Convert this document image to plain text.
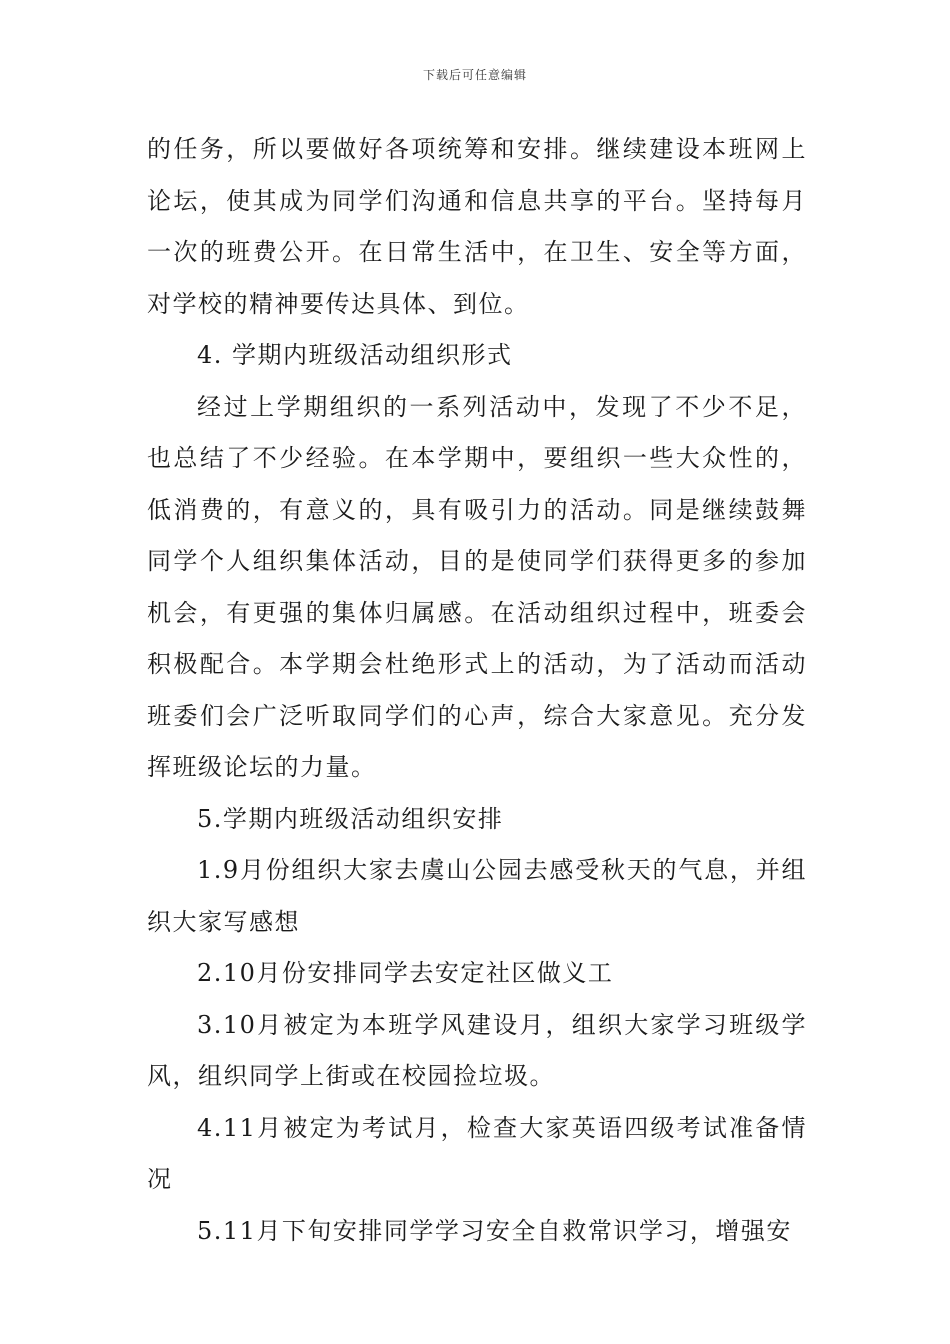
下载后可任意编辑

的任务，所以要做好各项统筹和安排。继续建设本班网上论坛，使其成为同学们沟通和信息共享的平台。坚持每月一次的班费公开。在日常生活中，在卫生、安全等方面，对学校的精神要传达具体、到位。

4. 学期内班级活动组织形式

经过上学期组织的一系列活动中，发现了不少不足，也总结了不少经验。在本学期中，要组织一些大众性的，低消费的，有意义的，具有吸引力的活动。同是继续鼓舞同学个人组织集体活动，目的是使同学们获得更多的参加机会，有更强的集体归属感。在活动组织过程中，班委会积极配合。本学期会杜绝形式上的活动，为了活动而活动班委们会广泛听取同学们的心声，综合大家意见。充分发挥班级论坛的力量。

5.学期内班级活动组织安排

1.9月份组织大家去虞山公园去感受秋天的气息，并组织大家写感想

2.10月份安排同学去安定社区做义工

3.10月被定为本班学风建设月，组织大家学习班级学风，组织同学上街或在校园捡垃圾。

4.11月被定为考试月，检查大家英语四级考试准备情况

5.11月下旬安排同学学习安全自救常识学习，增强安
